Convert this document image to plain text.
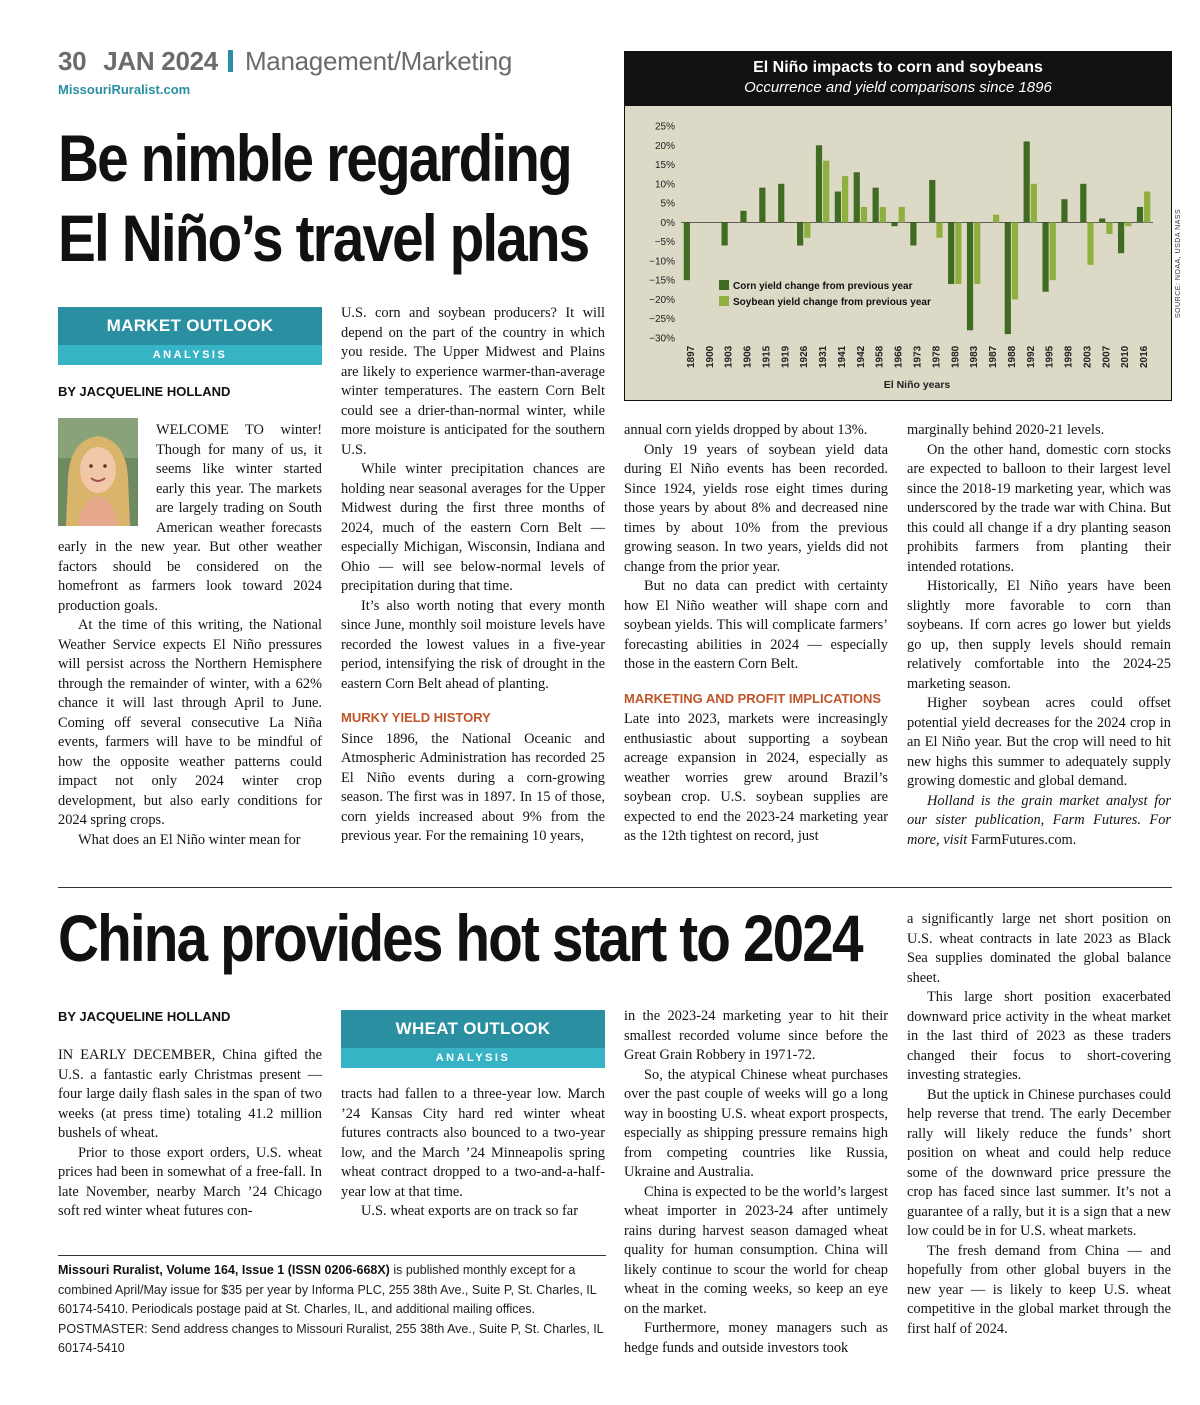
30 JAN 2024 Management/Marketing
MissouriRuralist.com
Be nimble regarding
El Niño’s travel plans
MARKET OUTLOOK
ANALYSIS
BY JACQUELINE HOLLAND

WELCOME TO winter! Though for many of us, it seems like winter started early this year. The markets are largely trading on South American weather forecasts early in the new year. But other weather factors should be considered on the homefront as farmers look toward 2024 production goals.

At the time of this writing, the National Weather Service expects El Niño pressures will persist across the Northern Hemisphere through the remainder of winter, with a 62% chance it will last through April to June. Coming off several consecutive La Niña events, farmers will have to be mindful of how the opposite weather patterns could impact not only 2024 winter crop development, but also early conditions for 2024 spring crops.

What does an El Niño winter mean for

U.S. corn and soybean producers? It will depend on the part of the country in which you reside. The Upper Midwest and Plains are likely to experience warmer-than-average winter temperatures. The eastern Corn Belt could see a drier-than-normal winter, while more moisture is anticipated for the southern U.S.

While winter precipitation chances are holding near seasonal averages for the Upper Midwest during the first three months of 2024, much of the eastern Corn Belt — especially Michigan, Wisconsin, Indiana and Ohio — will see below-normal levels of precipitation during that time.

It’s also worth noting that every month since June, monthly soil moisture levels have recorded the lowest values in a five-year period, intensifying the risk of drought in the eastern Corn Belt ahead of planting.

MURKY YIELD HISTORY

Since 1896, the National Oceanic and Atmospheric Administration has recorded 25 El Niño events during a corn-growing season. The first was in 1897. In 15 of those, corn yields increased about 9% from the previous year. For the remaining 10 years,

annual corn yields dropped by about 13%.

Only 19 years of soybean yield data during El Niño events has been recorded. Since 1924, yields rose eight times during those years by about 8% and decreased nine times by about 10% from the previous growing season. In two years, yields did not change from the prior year.

But no data can predict with certainty how El Niño weather will shape corn and soybean yields. This will complicate farmers’ forecasting abilities in 2024 — especially those in the eastern Corn Belt.

MARKETING AND PROFIT IMPLICATIONS

Late into 2023, markets were increasingly enthusiastic about supporting a soybean acreage expansion in 2024, especially as weather worries grew around Brazil’s soybean crop. U.S. soybean supplies are expected to end the 2023-24 marketing year as the 12th tightest on record, just

marginally behind 2020-21 levels.

On the other hand, domestic corn stocks are expected to balloon to their largest level since the 2018-19 marketing year, which was underscored by the trade war with China. But this could all change if a dry planting season prohibits farmers from planting their intended rotations.

Historically, El Niño years have been slightly more favorable to corn than soybeans. If corn acres go lower but yields go up, then supply levels should remain relatively comfortable into the 2024-25 marketing season.

Higher soybean acres could offset potential yield decreases for the 2024 crop in an El Niño year. But the crop will need to hit new highs this summer to adequately supply growing domestic and global demand.

Holland is the grain market analyst for our sister publication, Farm Futures. For more, visit FarmFutures.com.

El Niño impacts to corn and soybeans
Occurrence and yield comparisons since 1896
25%
20%
15%
10%
5%
0%
−5%
−10%
−15%
−20%
−25%
−30%
1897 1900 1903 1906 1915 1919 1926 1931 1941 1942 1958 1966 1973 1978 1980 1983 1987 1988 1992 1995 1998 2003 2007 2010 2016
El Niño years
Corn yield change from previous year
Soybean yield change from previous year	SOURCE: NOAA, USDA NASS
China provides hot start to 2024
BY JACQUELINE HOLLAND
WHEAT OUTLOOK
ANALYSIS

IN EARLY DECEMBER, China gifted the U.S. a fantastic early Christmas present — four large daily flash sales in the span of two weeks (at press time) totaling 41.2 million bushels of wheat.

Prior to those export orders, U.S. wheat prices had been in somewhat of a free-fall. In late November, nearby March ’24 Chicago soft red winter wheat futures con-

tracts had fallen to a three-year low. March ’24 Kansas City hard red winter wheat futures contracts also bounced to a two-year low, and the March ’24 Minneapolis spring wheat contract dropped to a two-and-a-half-year low at that time.

U.S. wheat exports are on track so far

in the 2023-24 marketing year to hit their smallest recorded volume since before the Great Grain Robbery in 1971-72.

So, the atypical Chinese wheat purchases over the past couple of weeks will go a long way in boosting U.S. wheat export prospects, especially as shipping pressure remains high from competing countries like Russia, Ukraine and Australia.

China is expected to be the world’s largest wheat importer in 2023-24 after untimely rains during harvest season damaged wheat quality for human consumption. China will likely continue to scour the world for cheap wheat in the coming weeks, so keep an eye on the market.

Furthermore, money managers such as hedge funds and outside investors took

a significantly large net short position on U.S. wheat contracts in late 2023 as Black Sea supplies dominated the global balance sheet.

This large short position exacerbated downward price activity in the wheat market in the last third of 2023 as these traders changed their focus to short-covering investing strategies.

But the uptick in Chinese purchases could help reverse that trend. The early December rally will likely reduce the funds’ short position on wheat and could help reduce some of the downward price pressure the crop has faced since last summer. It’s not a guarantee of a rally, but it is a sign that a new low could be in for U.S. wheat markets.

The fresh demand from China — and hopefully from other global buyers in the new year — is likely to keep U.S. wheat competitive in the global market through the first half of 2024.

Missouri Ruralist, Volume 164, Issue 1 (ISSN 0206-668X) is published monthly except for a combined April/May issue for $35 per year by Informa PLC, 255 38th Ave., Suite P, St. Charles, IL 60174-5410. Periodicals postage paid at St. Charles, IL, and additional mailing offices. POSTMASTER: Send address changes to Missouri Ruralist, 255 38th Ave., Suite P, St. Charles, IL 60174-5410
